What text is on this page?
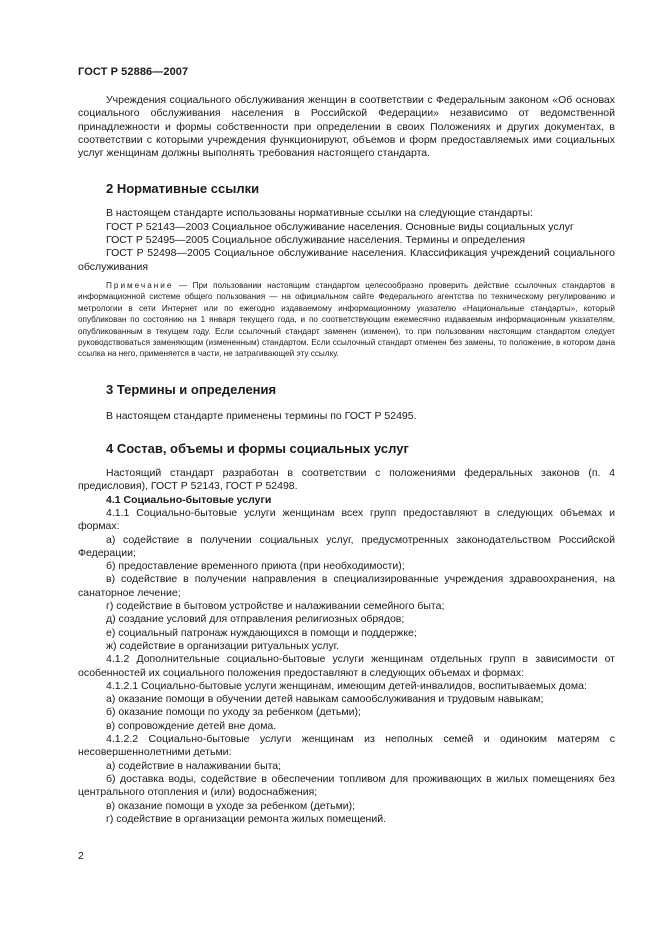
ГОСТ Р 52886—2007

Учреждения социального обслуживания женщин в соответствии с Федеральным законом «Об основах социального обслуживания населения в Российской Федерации» независимо от ведомственной принадлежности и формы собственности при определении в своих Положениях и других документах, в соответствии с которыми учреждения функционируют, объемов и форм предоставляемых ими социальных услуг женщинам должны выполнять требования настоящего стандарта.

2 Нормативные ссылки

В настоящем стандарте использованы нормативные ссылки на следующие стандарты:

ГОСТ Р 52143—2003 Социальное обслуживание населения. Основные виды социальных услуг

ГОСТ Р 52495—2005 Социальное обслуживание населения. Термины и определения

ГОСТ Р 52498—2005 Социальное обслуживание населения. Классификация учреждений социального обслуживания

Примечание — При пользовании настоящим стандартом целесообразно проверить действие ссылочных стандартов в информационной системе общего пользования — на официальном сайте Федерального агентства по техническому регулированию и метрологии в сети Интернет или по ежегодно издаваемому информационному указателю «Национальные стандарты», который опубликован по состоянию на 1 января текущего года, и по соответствующим ежемесячно издаваемым информационным указателям, опубликованным в текущем году. Если ссылочный стандарт заменен (изменен), то при пользовании настоящим стандартом следует руководствоваться заменяющим (измененным) стандартом. Если ссылочный стандарт отменен без замены, то положение, в котором дана ссылка на него, применяется в части, не затрагивающей эту ссылку.

3 Термины и определения

В настоящем стандарте применены термины по ГОСТ Р 52495.

4 Состав, объемы и формы социальных услуг

Настоящий стандарт разработан в соответствии с положениями федеральных законов (п. 4 предисловия), ГОСТ Р 52143, ГОСТ Р 52498.

4.1 Социально-бытовые услуги

4.1.1 Социально-бытовые услуги женщинам всех групп предоставляют в следующих объемах и формах:

а) содействие в получении социальных услуг, предусмотренных законодательством Российской Федерации;

б) предоставление временного приюта (при необходимости);

в) содействие в получении направления в специализированные учреждения здравоохранения, на санаторное лечение;

г) содействие в бытовом устройстве и налаживании семейного быта;

д) создание условий для отправления религиозных обрядов;

е) социальный патронаж нуждающихся в помощи и поддержке;

ж) содействие в организации ритуальных услуг.

4.1.2 Дополнительные социально-бытовые услуги женщинам отдельных групп в зависимости от особенностей их социального положения предоставляют в следующих объемах и формах:

4.1.2.1 Социально-бытовые услуги женщинам, имеющим детей-инвалидов, воспитываемых дома:

а) оказание помощи в обучении детей навыкам самообслуживания и трудовым навыкам;

б) оказание помощи по уходу за ребенком (детьми);

в) сопровождение детей вне дома.

4.1.2.2 Социально-бытовые услуги женщинам из неполных семей и одиноким матерям с несовершеннолетними детьми:

а) содействие в налаживании быта;

б) доставка воды, содействие в обеспечении топливом для проживающих в жилых помещениях без центрального отопления и (или) водоснабжения;

в) оказание помощи в уходе за ребенком (детьми);

г) содействие в организации ремонта жилых помещений.

2
